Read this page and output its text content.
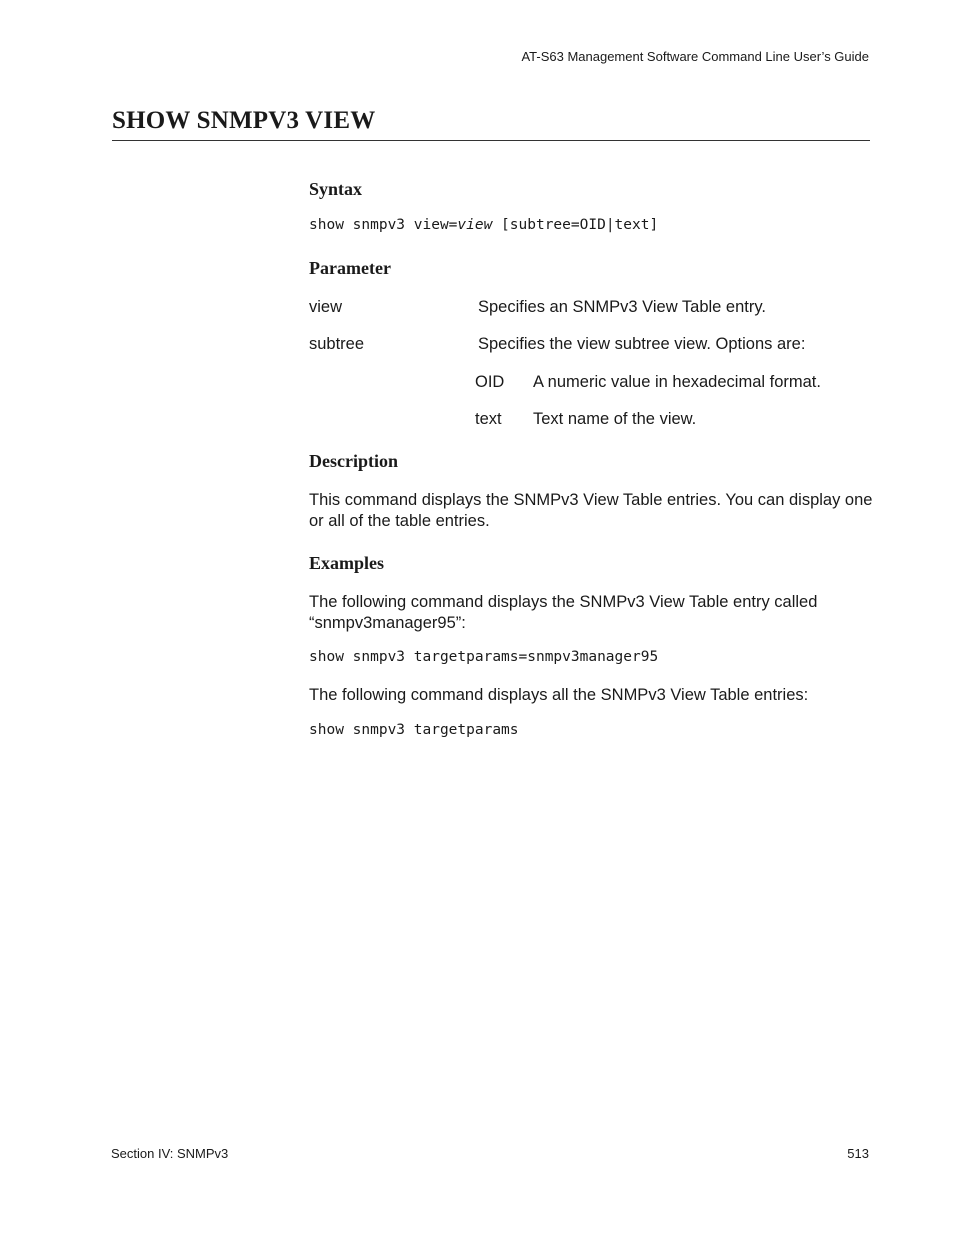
AT-S63 Management Software Command Line User’s Guide
SHOW SNMPV3 VIEW
Syntax
show snmpv3 view=view [subtree=OID|text]
Parameter
view	Specifies an SNMPv3 View Table entry.
subtree	Specifies the view subtree view. Options are:
OID A numeric value in hexadecimal format.
text Text name of the view.
Description
This command displays the SNMPv3 View Table entries. You can display one or all of the table entries.
Examples
The following command displays the SNMPv3 View Table entry called “snmpv3manager95”:
show snmpv3 targetparams=snmpv3manager95
The following command displays all the SNMPv3 View Table entries:
show snmpv3 targetparams
Section IV: SNMPv3	513
